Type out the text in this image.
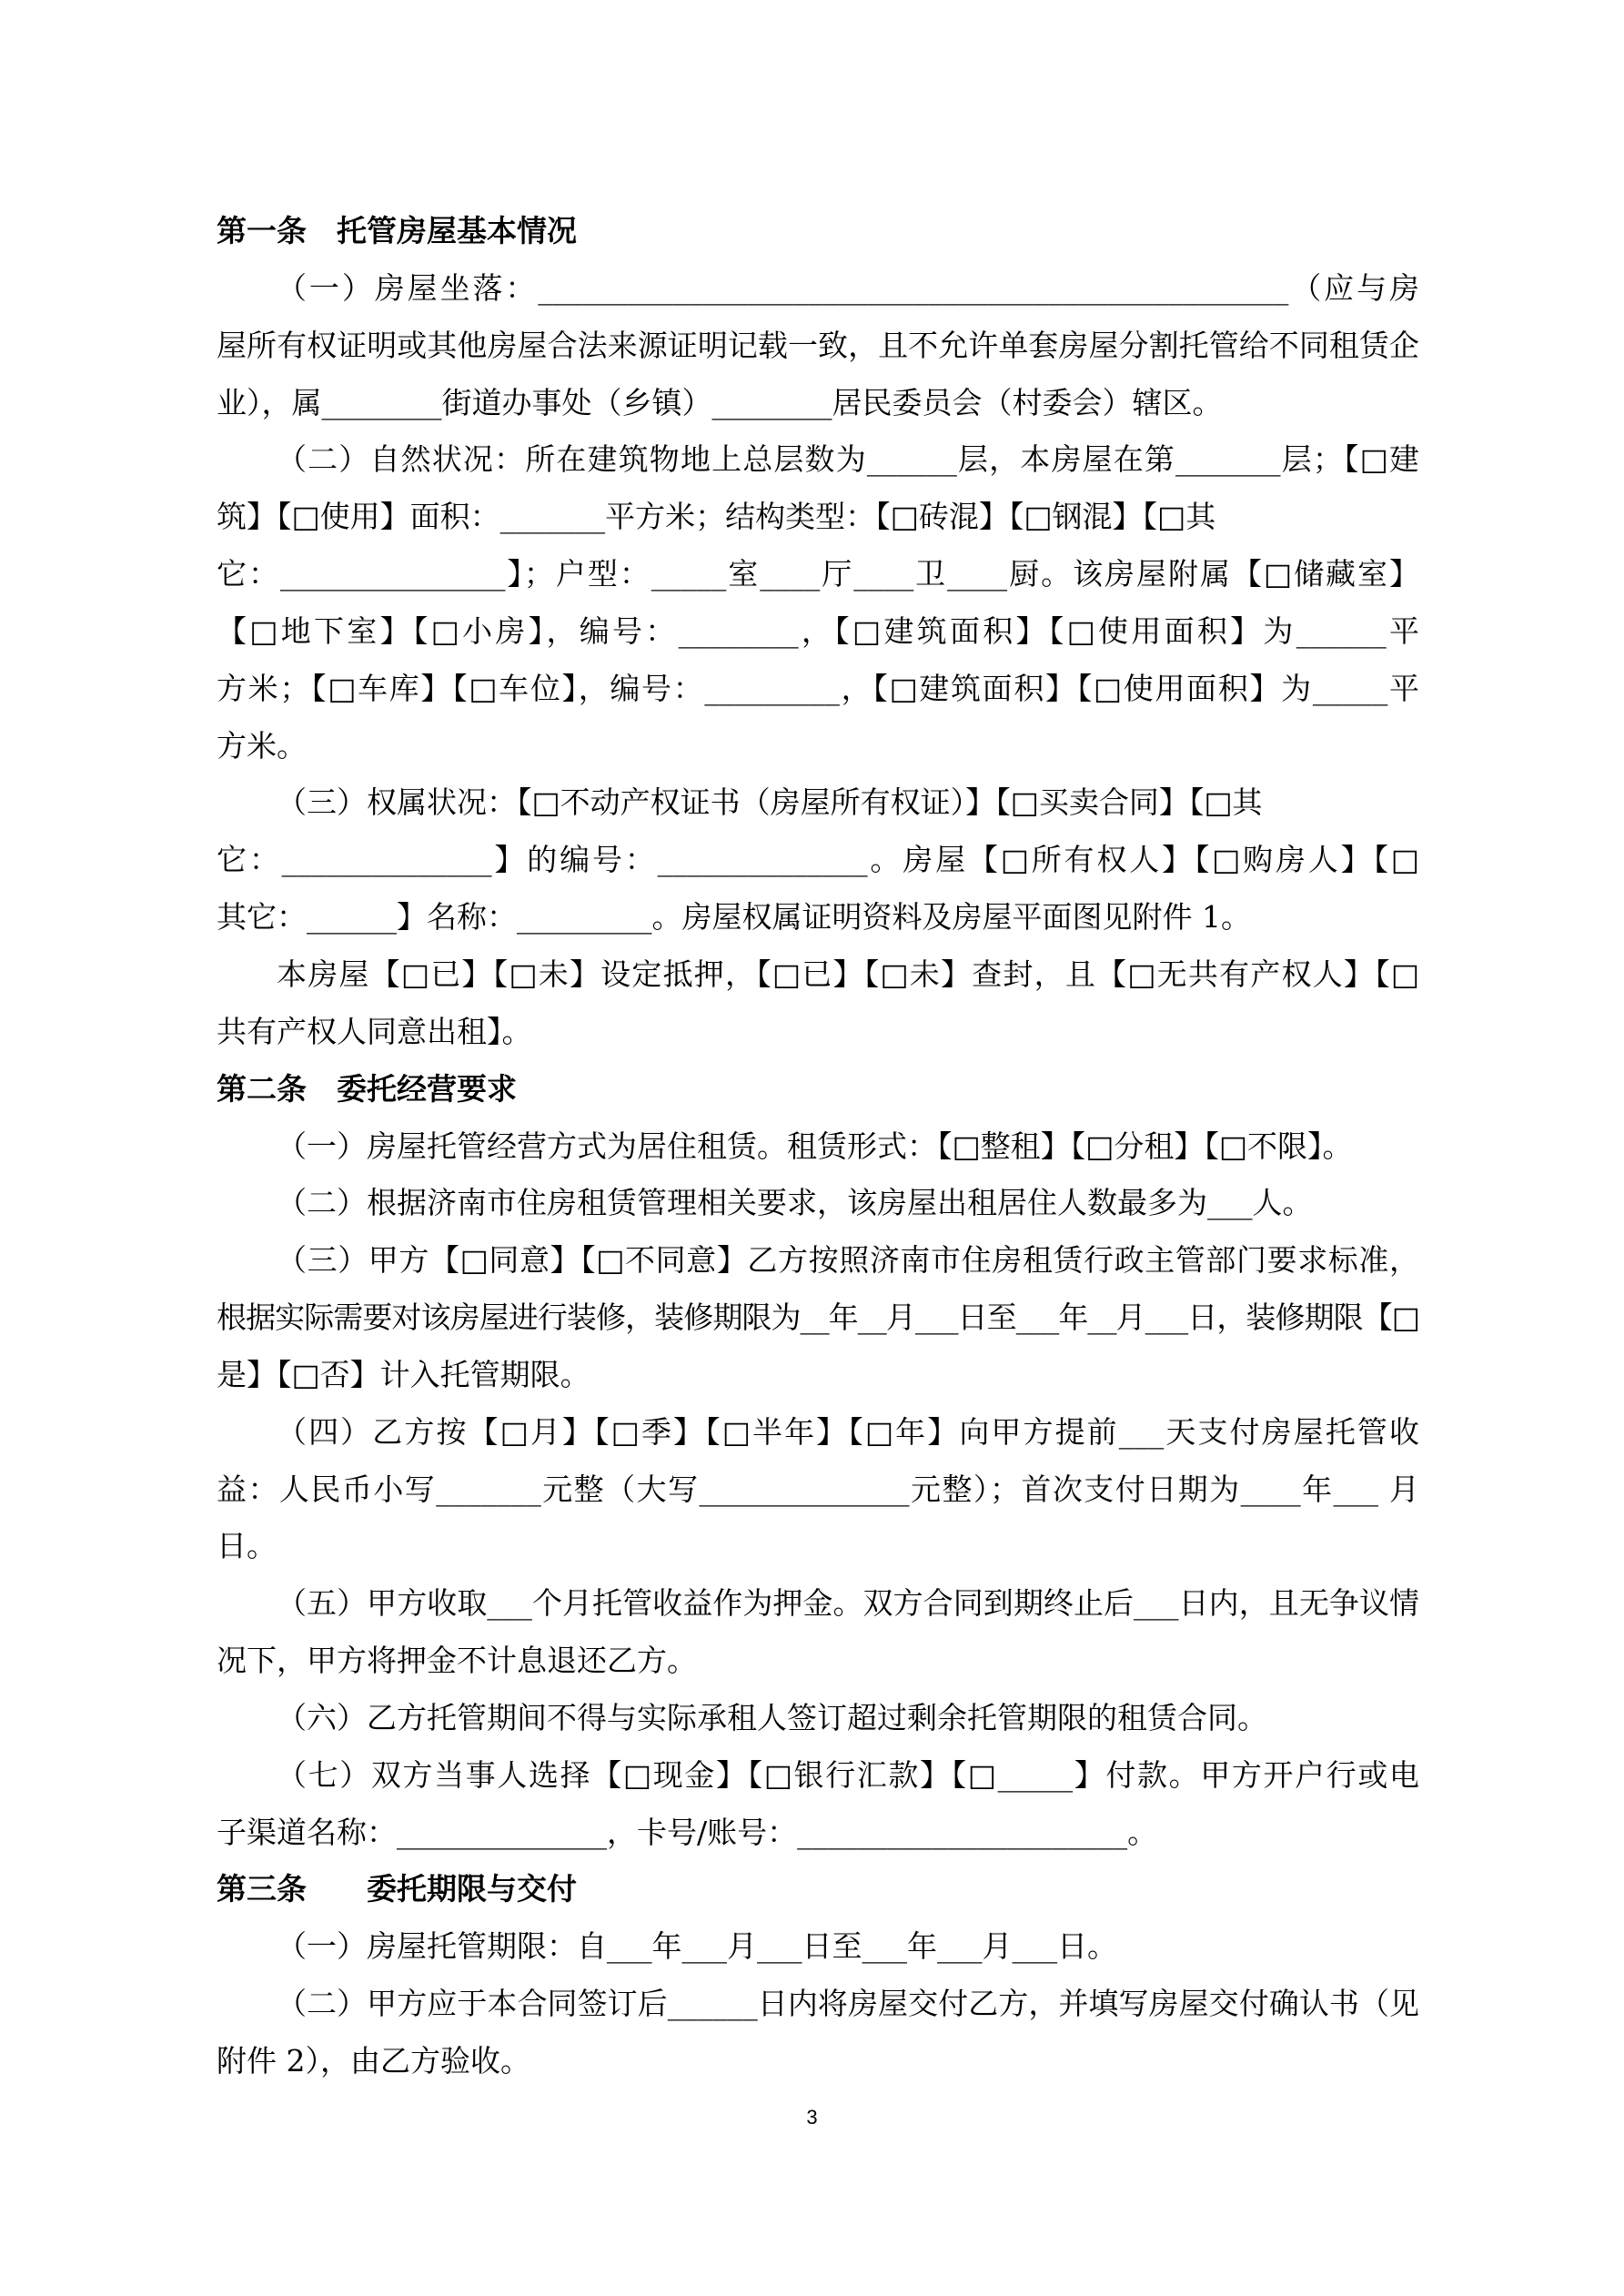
第一条　托管房屋基本情况
（一）房屋坐落：__________________________________________________（应与房
屋所有权证明或其他房屋合法来源证明记载一致，且不允许单套房屋分割托管给不同租赁企
业），属________街道办事处（乡镇）________居民委员会（村委会）辖区。
（二）自然状况：所在建筑物地上总层数为______层，本房屋在第_______层；【□建
筑】【□使用】面积：_______平方米；结构类型：【□砖混】【□钢混】【□其
它：_______________】；户型：_____室____厅____卫____厨。该房屋附属【□储藏室】
【□地下室】【□小房】，编号：________，【□建筑面积】【□使用面积】为______平
方米；【□车库】【□车位】，编号：_________，【□建筑面积】【□使用面积】为_____平
方米。
（三）权属状况：【□不动产权证书（房屋所有权证）】【□买卖合同】【□其
它：______________】的编号：______________。房屋【□所有权人】【□购房人】【□
其它：______】名称：_________。房屋权属证明资料及房屋平面图见附件 1。
本房屋【□已】【□未】设定抵押，【□已】【□未】查封，且【□无共有产权人】【□
共有产权人同意出租】。
第二条　委托经营要求
（一）房屋托管经营方式为居住租赁。租赁形式：【□整租】【□分租】【□不限】。
（二）根据济南市住房租赁管理相关要求，该房屋出租居住人数最多为___人。
（三）甲方【□同意】【□不同意】乙方按照济南市住房租赁行政主管部门要求标准，
根据实际需要对该房屋进行装修，装修期限为__年__月___日至___年__月___日，装修期限【□
是】【□否】计入托管期限。
（四）乙方按【□月】【□季】【□半年】【□年】向甲方提前___天支付房屋托管收
益：人民币小写_______元整（大写______________元整）；首次支付日期为____年___ 月
日。
（五）甲方收取___个月托管收益作为押金。双方合同到期终止后___日内，且无争议情
况下，甲方将押金不计息退还乙方。
（六）乙方托管期间不得与实际承租人签订超过剩余托管期限的租赁合同。
（七）双方当事人选择【□现金】【□银行汇款】【□_____】付款。甲方开户行或电
子渠道名称：______________，卡号/账号：______________________。
第三条　　委托期限与交付
（一）房屋托管期限：自___年___月___日至___年___月___日。
（二）甲方应于本合同签订后______日内将房屋交付乙方，并填写房屋交付确认书（见
附件 2），由乙方验收。
3
